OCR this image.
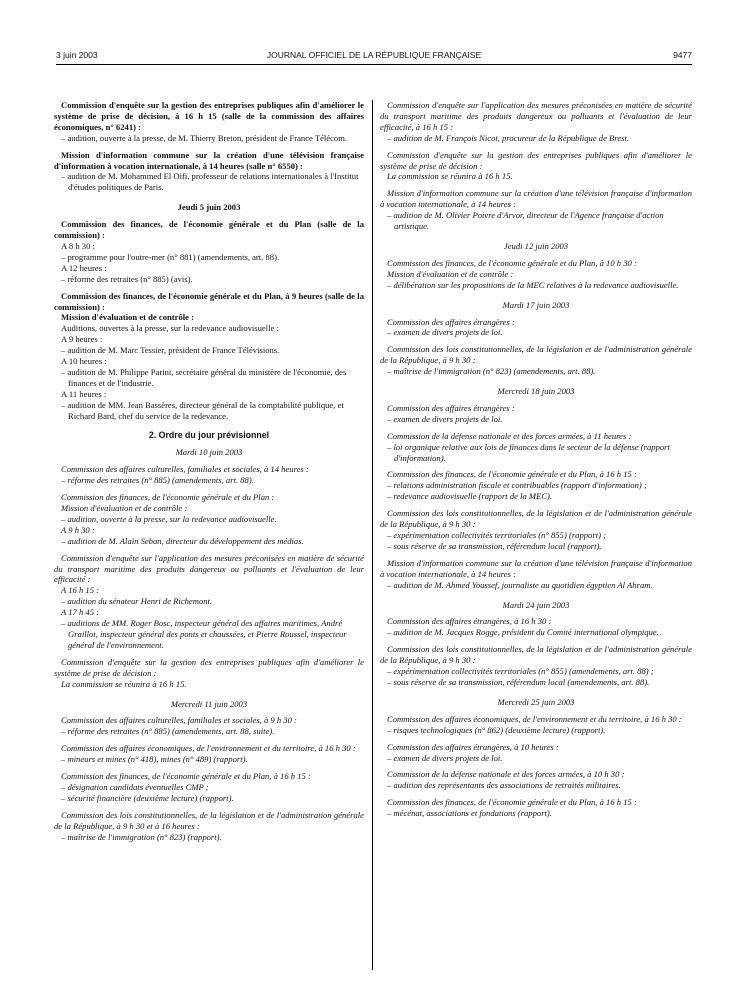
3 juin 2003	JOURNAL OFFICIEL DE LA RÉPUBLIQUE FRANÇAISE	9477

Commission d'enquête sur la gestion des entreprises publiques afin d'améliorer le système de prise de décision, à 16 h 15 (salle de la commission des affaires économiques, n° 6241) :

– audition, ouverte à la presse, de M. Thierry Breton, président de France Télécom.

Mission d'information commune sur la création d'une télévision française d'information à vocation internationale, à 14 heures (salle n° 6550) :

– audition de M. Mohammed El Oifi, professeur de relations internationales à l'Institut d'études politiques de Paris.

Jeudi 5 juin 2003

Commission des finances, de l'économie générale et du Plan (salle de la commission) :

A 8 h 30 :

– programme pour l'outre-mer (n° 881) (amendements, art. 88).

A 12 heures :

– réforme des retraites (n° 885) (avis).

Commission des finances, de l'économie générale et du Plan, à 9 heures (salle de la commission) :

Mission d'évaluation et de contrôle :

Auditions, ouvertes à la presse, sur la redevance audiovisuelle :

A 9 heures :

– audition de M. Marc Tessier, président de France Télévisions.

A 10 heures :

– audition de M. Philippe Parini, secrétaire général du ministère de l'économie, des finances et de l'industrie.

A 11 heures :

– audition de MM. Jean Bassères, directeur général de la comptabilité publique, et Richard Bard, chef du service de la redevance.

2. Ordre du jour prévisionnel

Mardi 10 juin 2003

Commission des affaires culturelles, familiales et sociales, à 14 heures :

– réforme des retraites (n° 885) (amendements, art. 88).

Commission des finances, de l'économie générale et du Plan :

Mission d'évaluation et de contrôle :

– audition, ouverte à la presse, sur la redevance audiovisuelle.

A 9 h 30 :

– audition de M. Alain Seban, directeur du développement des médias.

Commission d'enquête sur l'application des mesures préconisées en matière de sécurité du transport maritime des produits dangereux ou polluants et l'évaluation de leur efficacité :

A 16 h 15 :

– audition du sénateur Henri de Richemont.

A 17 h 45 :

– auditions de MM. Roger Bosc, inspecteur général des affaires maritimes, André Graillot, inspecteur général des ponts et chaussées, et Pierre Roussel, inspecteur général de l'environnement.

Commission d'enquête sur la gestion des entreprises publiques afin d'améliorer le système de prise de décision :

La commission se réunira à 16 h 15.

Mercredi 11 juin 2003

Commission des affaires culturelles, familiales et sociales, à 9 h 30 :

– réforme des retraites (n° 885) (amendements, art. 88, suite).

Commission des affaires économiques, de l'environnement et du territoire, à 16 h 30 :

– mineurs et mines (n° 418), mines (n° 489) (rapport).

Commission des finances, de l'économie générale et du Plan, à 16 h 15 :

– désignation candidats éventuelles CMP ;

– sécurité financière (deuxième lecture) (rapport).

Commission des lois constitutionnelles, de la législation et de l'administration générale de la République, à 9 h 30 et à 16 heures :

– maîtrise de l'immigration (n° 823) (rapport).

Commission d'enquête sur l'application des mesures préconisées en matière de sécurité du transport maritime des produits dangereux ou polluants et l'évaluation de leur efficacité, à 16 h 15 :

– audition de M. François Nicot, procureur de la République de Brest.

Commission d'enquête sur la gestion des entreprises publiques afin d'améliorer le système de prise de décision :

La commission se réunira à 16 h 15.

Mission d'information commune sur la création d'une télévision française d'information à vocation internationale, à 14 heures :

– audition de M. Olivier Poivre d'Arvor, directeur de l'Agence française d'action artistique.

Jeudi 12 juin 2003

Commission des finances, de l'économie générale et du Plan, à 10 h 30 :

Mission d'évaluation et de contrôle :

– délibération sur les propositions de la MEC relatives à la redevance audiovisuelle.

Mardi 17 juin 2003

Commission des affaires étrangères :

– examen de divers projets de loi.

Commission des lois constitutionnelles, de la législation et de l'administration générale de la République, à 9 h 30 :

– maîtrise de l'immigration (n° 823) (amendements, art. 88).

Mercredi 18 juin 2003

Commission des affaires étrangères :

– examen de divers projets de loi.

Commission de la défense nationale et des forces armées, à 11 heures :

– loi organique relative aux lois de finances dans le secteur de la défense (rapport d'information).

Commission des finances, de l'économie générale et du Plan, à 16 h 15 :

– relations administration fiscale et contribuables (rapport d'information) ;

– redevance audiovisuelle (rapport de la MEC).

Commission des lois constitutionnelles, de la législation et de l'administration générale de la République, à 9 h 30 :

– expérimentation collectivités territoriales (n° 855) (rapport) ;

– sous réserve de sa transmission, référendum local (rapport).

Mission d'information commune sur la création d'une télévision française d'information à vocation internationale, à 14 heures :

– audition de M. Ahmed Youssef, journaliste au quotidien égyptien Al Ahram.

Mardi 24 juin 2003

Commission des affaires étrangères, à 16 h 30 :

– audition de M. Jacques Rogge, président du Comité international olympique.

Commission des lois constitutionnelles, de la législation et de l'administration générale de la République, à 9 h 30 :

– expérimentation collectivités territoriales (n° 855) (amendements, art. 88) ;

– sous réserve de sa transmission, référendum local (amendements, art. 88).

Mercredi 25 juin 2003

Commission des affaires économiques, de l'environnement et du territoire, à 16 h 30 :

– risques technologiques (n° 862) (deuxième lecture) (rapport).

Commission des affaires étrangères, à 10 heures :

– examen de divers projets de loi.

Commission de la défense nationale et des forces armées, à 10 h 30 :

– audition des représentants des associations de retraités militaires.

Commission des finances, de l'économie générale et du Plan, à 16 h 15 :

– mécénat, associations et fondations (rapport).
